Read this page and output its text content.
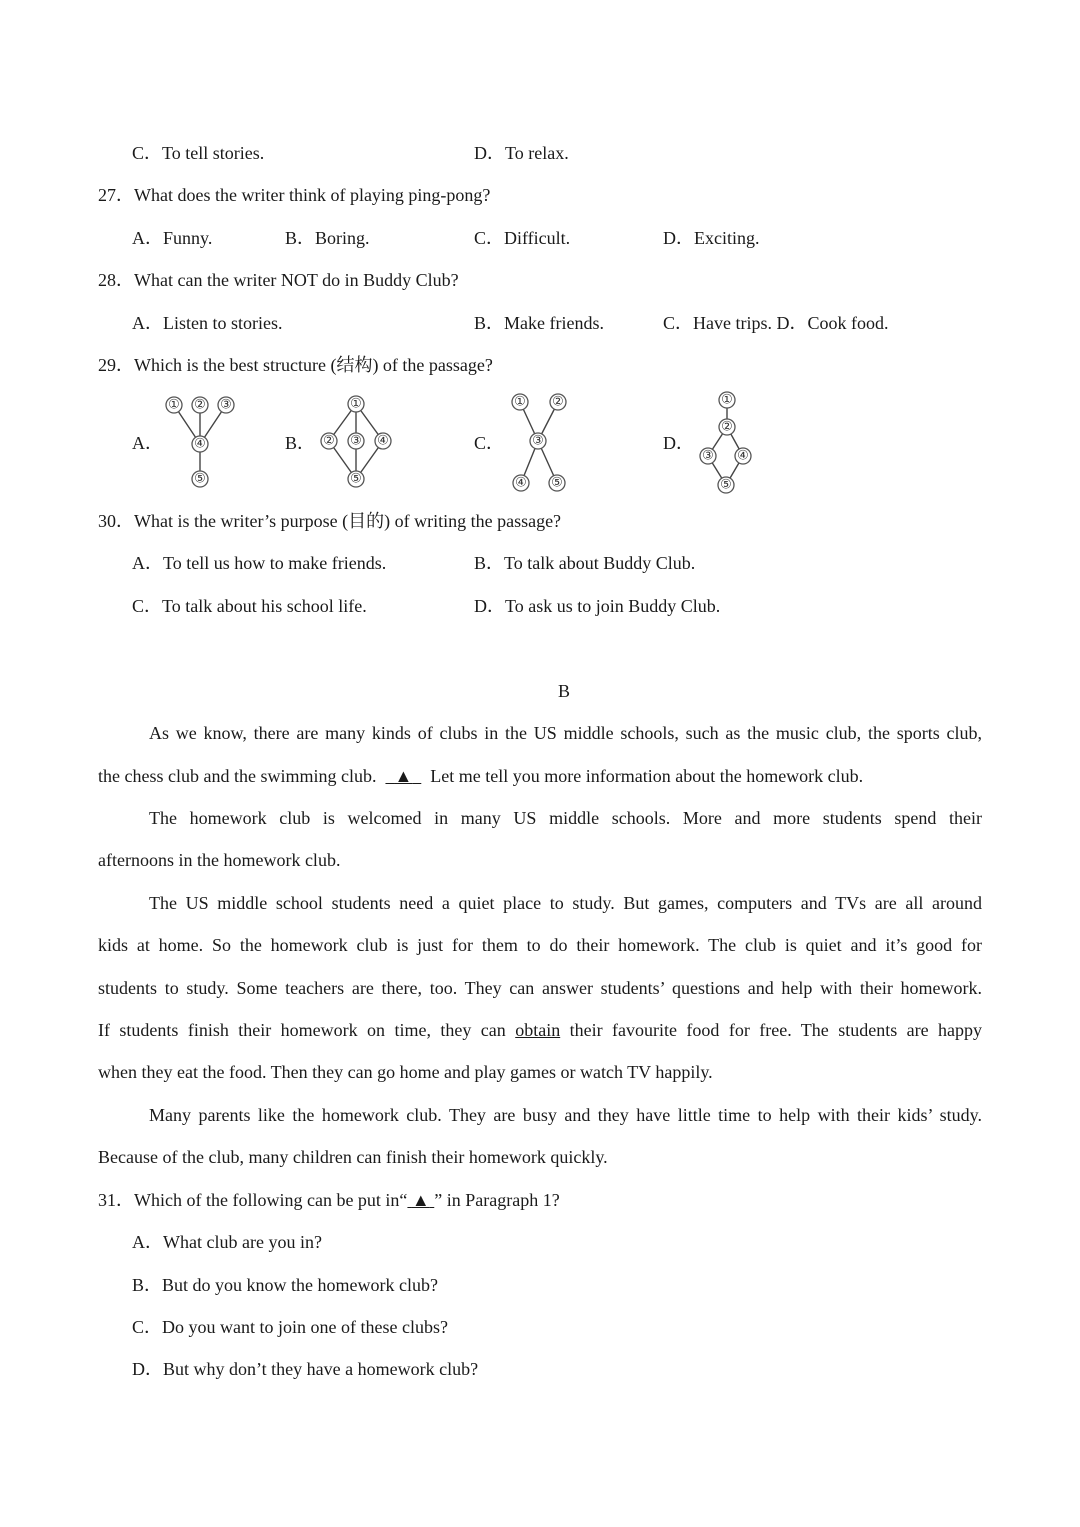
C．To tell stories.	D．To relax.
27．What does the writer think of playing ping-pong?
A．Funny.	B．Boring.	C．Difficult.	D．Exciting.
28．What can the writer NOT do in Buddy Club?
A．Listen to stories.	B．Make friends.	C．Have trips. D．Cook food.
29．Which is the best structure (结构) of the passage?
A．	B．	C．	D．
① ② ③
④
⑤
①
② ③ ④
⑤
① ②
③
④ ⑤
①
②
③ ④
⑤
30．What is the writer’s purpose (目的) of writing the passage?
A．To tell us how to make friends.	B．To talk about Buddy Club.
C．To talk about his school life.	D．To ask us to join Buddy Club.
B
As we know, there are many kinds of clubs in the US middle schools, such as the music club, the sports club,
the chess club and the swimming club. ▲ Let me tell you more information about the homework club.
The homework club is welcomed in many US middle schools. More and more students spend their
afternoons in the homework club.
The US middle school students need a quiet place to study. But games, computers and TVs are all around
kids at home. So the homework club is just for them to do their homework. The club is quiet and it’s good for
students to study. Some teachers are there, too. They can answer students’ questions and help with their homework.
If students finish their homework on time, they can obtain their favourite food for free. The students are happy
when they eat the food. Then they can go home and play games or watch TV happily.
Many parents like the homework club. They are busy and they have little time to help with their kids’ study.
Because of the club, many children can finish their homework quickly.
31．Which of the following can be put in“ ▲ ” in Paragraph 1?
A．What club are you in?
B．But do you know the homework club?
C．Do you want to join one of these clubs?
D．But why don’t they have a homework club?
